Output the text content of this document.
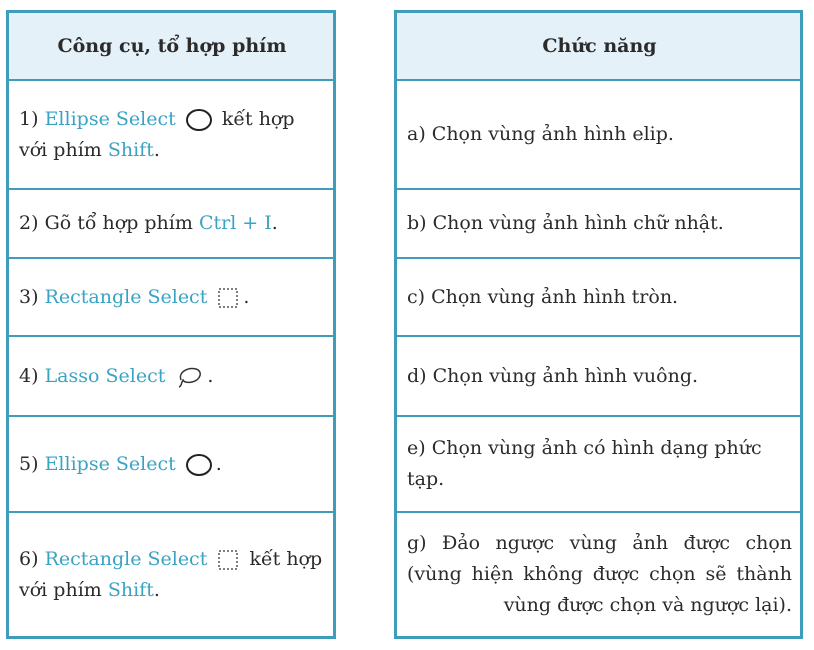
Công cụ, tổ hợp phím
1) Ellipse Select kết hợp với phím Shift.
2) Gõ tổ hợp phím Ctrl + I.
3) Rectangle Select .
4) Lasso Select .
5) Ellipse Select .
6) Rectangle Select kết hợp với phím Shift.
Chức năng
a) Chọn vùng ảnh hình elip.
b) Chọn vùng ảnh hình chữ nhật.
c) Chọn vùng ảnh hình tròn.
d) Chọn vùng ảnh hình vuông.
e) Chọn vùng ảnh có hình dạng phức tạp.
g) Đảo ngược vùng ảnh được chọn (vùng hiện không được chọn sẽ thành vùng được chọn và ngược lại).
